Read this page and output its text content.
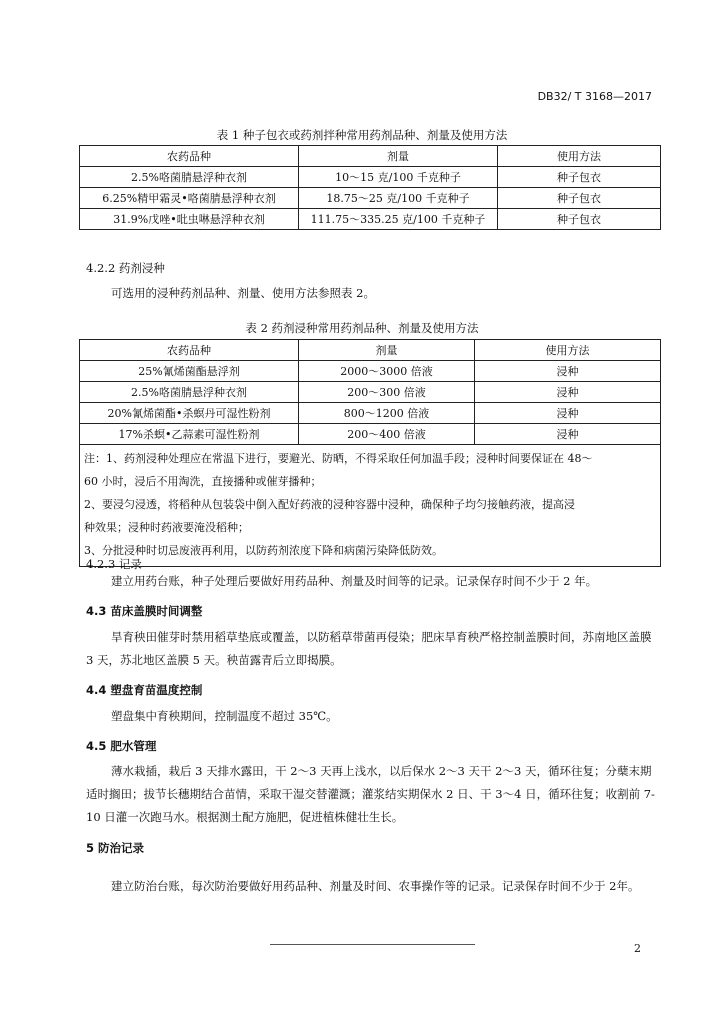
DB32/ T 3168—2017
表 1 种子包衣或药剂拌种常用药剂品种、剂量及使用方法
农药品种	剂量	使用方法
2.5%咯菌腈悬浮种衣剂	10～15 克/100 千克种子	种子包衣
6.25%精甲霜灵•咯菌腈悬浮种衣剂	18.75～25 克/100 千克种子	种子包衣
31.9%戊唑•吡虫啉悬浮种衣剂	111.75～335.25 克/100 千克种子	种子包衣
4.2.2 药剂浸种
可选用的浸种药剂品种、剂量、使用方法参照表 2。
表 2 药剂浸种常用药剂品种、剂量及使用方法
农药品种	剂量	使用方法
25%氰烯菌酯悬浮剂	2000～3000 倍液	浸种
2.5%咯菌腈悬浮种衣剂	200～300 倍液	浸种
20%氰烯菌酯•杀螟丹可湿性粉剂	800～1200 倍液	浸种
17%杀螟•乙蒜素可湿性粉剂	200～400 倍液	浸种

注：1、药剂浸种处理应在常温下进行，要避光、防晒，不得采取任何加温手段；浸种时间要保证在 48～
60 小时，浸后不用淘洗，直接播种或催芽播种；
2、要浸匀浸透，将稻种从包装袋中倒入配好药液的浸种容器中浸种，确保种子均匀接触药液，提高浸
种效果；浸种时药液要淹没稻种；
3、分批浸种时切忌废液再利用，以防药剂浓度下降和病菌污染降低防效。		
4.2.3 记录
建立用药台账，种子处理后要做好用药品种、剂量及时间等的记录。记录保存时间不少于 2 年。
4.3 苗床盖膜时间调整
旱育秧田催芽时禁用稻草垫底或覆盖，以防稻草带菌再侵染；肥床旱育秧严格控制盖膜时间，苏南地区盖膜 3 天，苏北地区盖膜 5 天。秧苗露青后立即揭膜。
4.4 塑盘育苗温度控制
塑盘集中育秧期间，控制温度不超过 35℃。
4.5 肥水管理
薄水栽插，栽后 3 天排水露田，干 2～3 天再上浅水，以后保水 2～3 天干 2～3 天，循环往复；分蘖末期适时搁田；拔节长穗期结合苗情，采取干湿交替灌溉；灌浆结实期保水 2 日、干 3～4 日，循环往复；收割前 7-10 日灌一次跑马水。根据测土配方施肥，促进植株健壮生长。
5 防治记录
建立防治台账，每次防治要做好用药品种、剂量及时间、农事操作等的记录。记录保存时间不少于 2年。
2
